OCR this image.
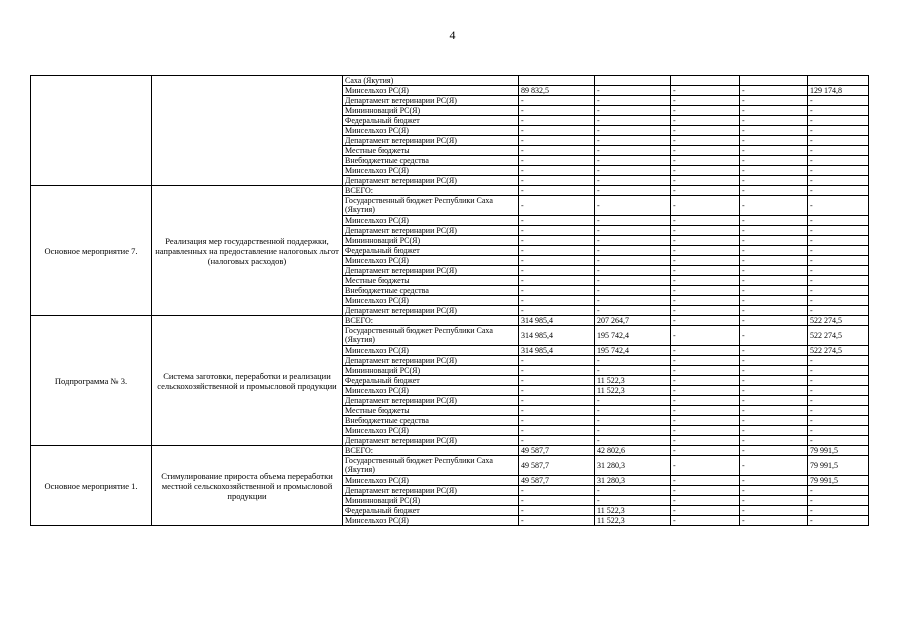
4
		Саха (Якутия)					
		Минсельхоз РС(Я)	89 832,5	-	-	-	129 174,8
		Департамент ветеринарии РС(Я)	-	-	-	-	-
		Мининноваций РС(Я)	-	-	-	-	-
		Федеральный бюджет	-	-	-	-	-
		Минсельхоз РС(Я)	-	-	-	-	-
		Департамент ветеринарии РС(Я)	-	-	-	-	-
		Местные бюджеты	-	-	-	-	-
		Внебюджетные средства	-	-	-	-	-
		Минсельхоз РС(Я)	-	-	-	-	-
		Департамент ветеринарии РС(Я)	-	-	-	-	-
Основное мероприятие 7.	Реализация мер государственной поддержки, направленных на предоставление налоговых льгот (налоговых расходов)	ВСЕГО:	-	-	-	-	-
		Государственный бюджет Республики Саха (Якутия)	-	-	-	-	-
		Минсельхоз РС(Я)	-	-	-	-	-
		Департамент ветеринарии РС(Я)	-	-	-	-	-
		Мининноваций РС(Я)	-	-	-	-	-
		Федеральный бюджет	-	-	-	-	-
		Минсельхоз РС(Я)	-	-	-	-	-
		Департамент ветеринарии РС(Я)	-	-	-	-	-
		Местные бюджеты	-	-	-	-	-
		Внебюджетные средства	-	-	-	-	-
		Минсельхоз РС(Я)	-	-	-	-	-
		Департамент ветеринарии РС(Я)	-	-	-	-	-
Подпрограмма № 3.	Система заготовки, переработки и реализации сельскохозяйственной и промысловой продукции	ВСЕГО:	314 985,4	207 264,7	-	-	522 274,5
		Государственный бюджет Республики Саха (Якутия)	314 985,4	195 742,4	-	-	522 274,5
		Минсельхоз РС(Я)	314 985,4	195 742,4	-	-	522 274,5
		Департамент ветеринарии РС(Я)	-	-	-	-	-
		Мининноваций РС(Я)	-	-	-	-	-
		Федеральный бюджет	-	11 522,3	-	-	-
		Минсельхоз РС(Я)	-	11 522,3	-	-	-
		Департамент ветеринарии РС(Я)	-	-	-	-	-
		Местные бюджеты	-	-	-	-	-
		Внебюджетные средства	-	-	-	-	-
		Минсельхоз РС(Я)	-	-	-	-	-
		Департамент ветеринарии РС(Я)	-	-	-	-	-
Основное мероприятие 1.	Стимулирование прироста объема переработки местной сельскохозяйственной и промысловой продукции	ВСЕГО:	49 587,7	42 802,6	-	-	79 991,5
		Государственный бюджет Республики Саха (Якутия)	49 587,7	31 280,3	-	-	79 991,5
		Минсельхоз РС(Я)	49 587,7	31 280,3	-	-	79 991,5
		Департамент ветеринарии РС(Я)	-	-	-	-	-
		Мининноваций РС(Я)	-	-	-	-	-
		Федеральный бюджет	-	11 522,3	-	-	-
		Минсельхоз РС(Я)	-	11 522,3	-	-	-
